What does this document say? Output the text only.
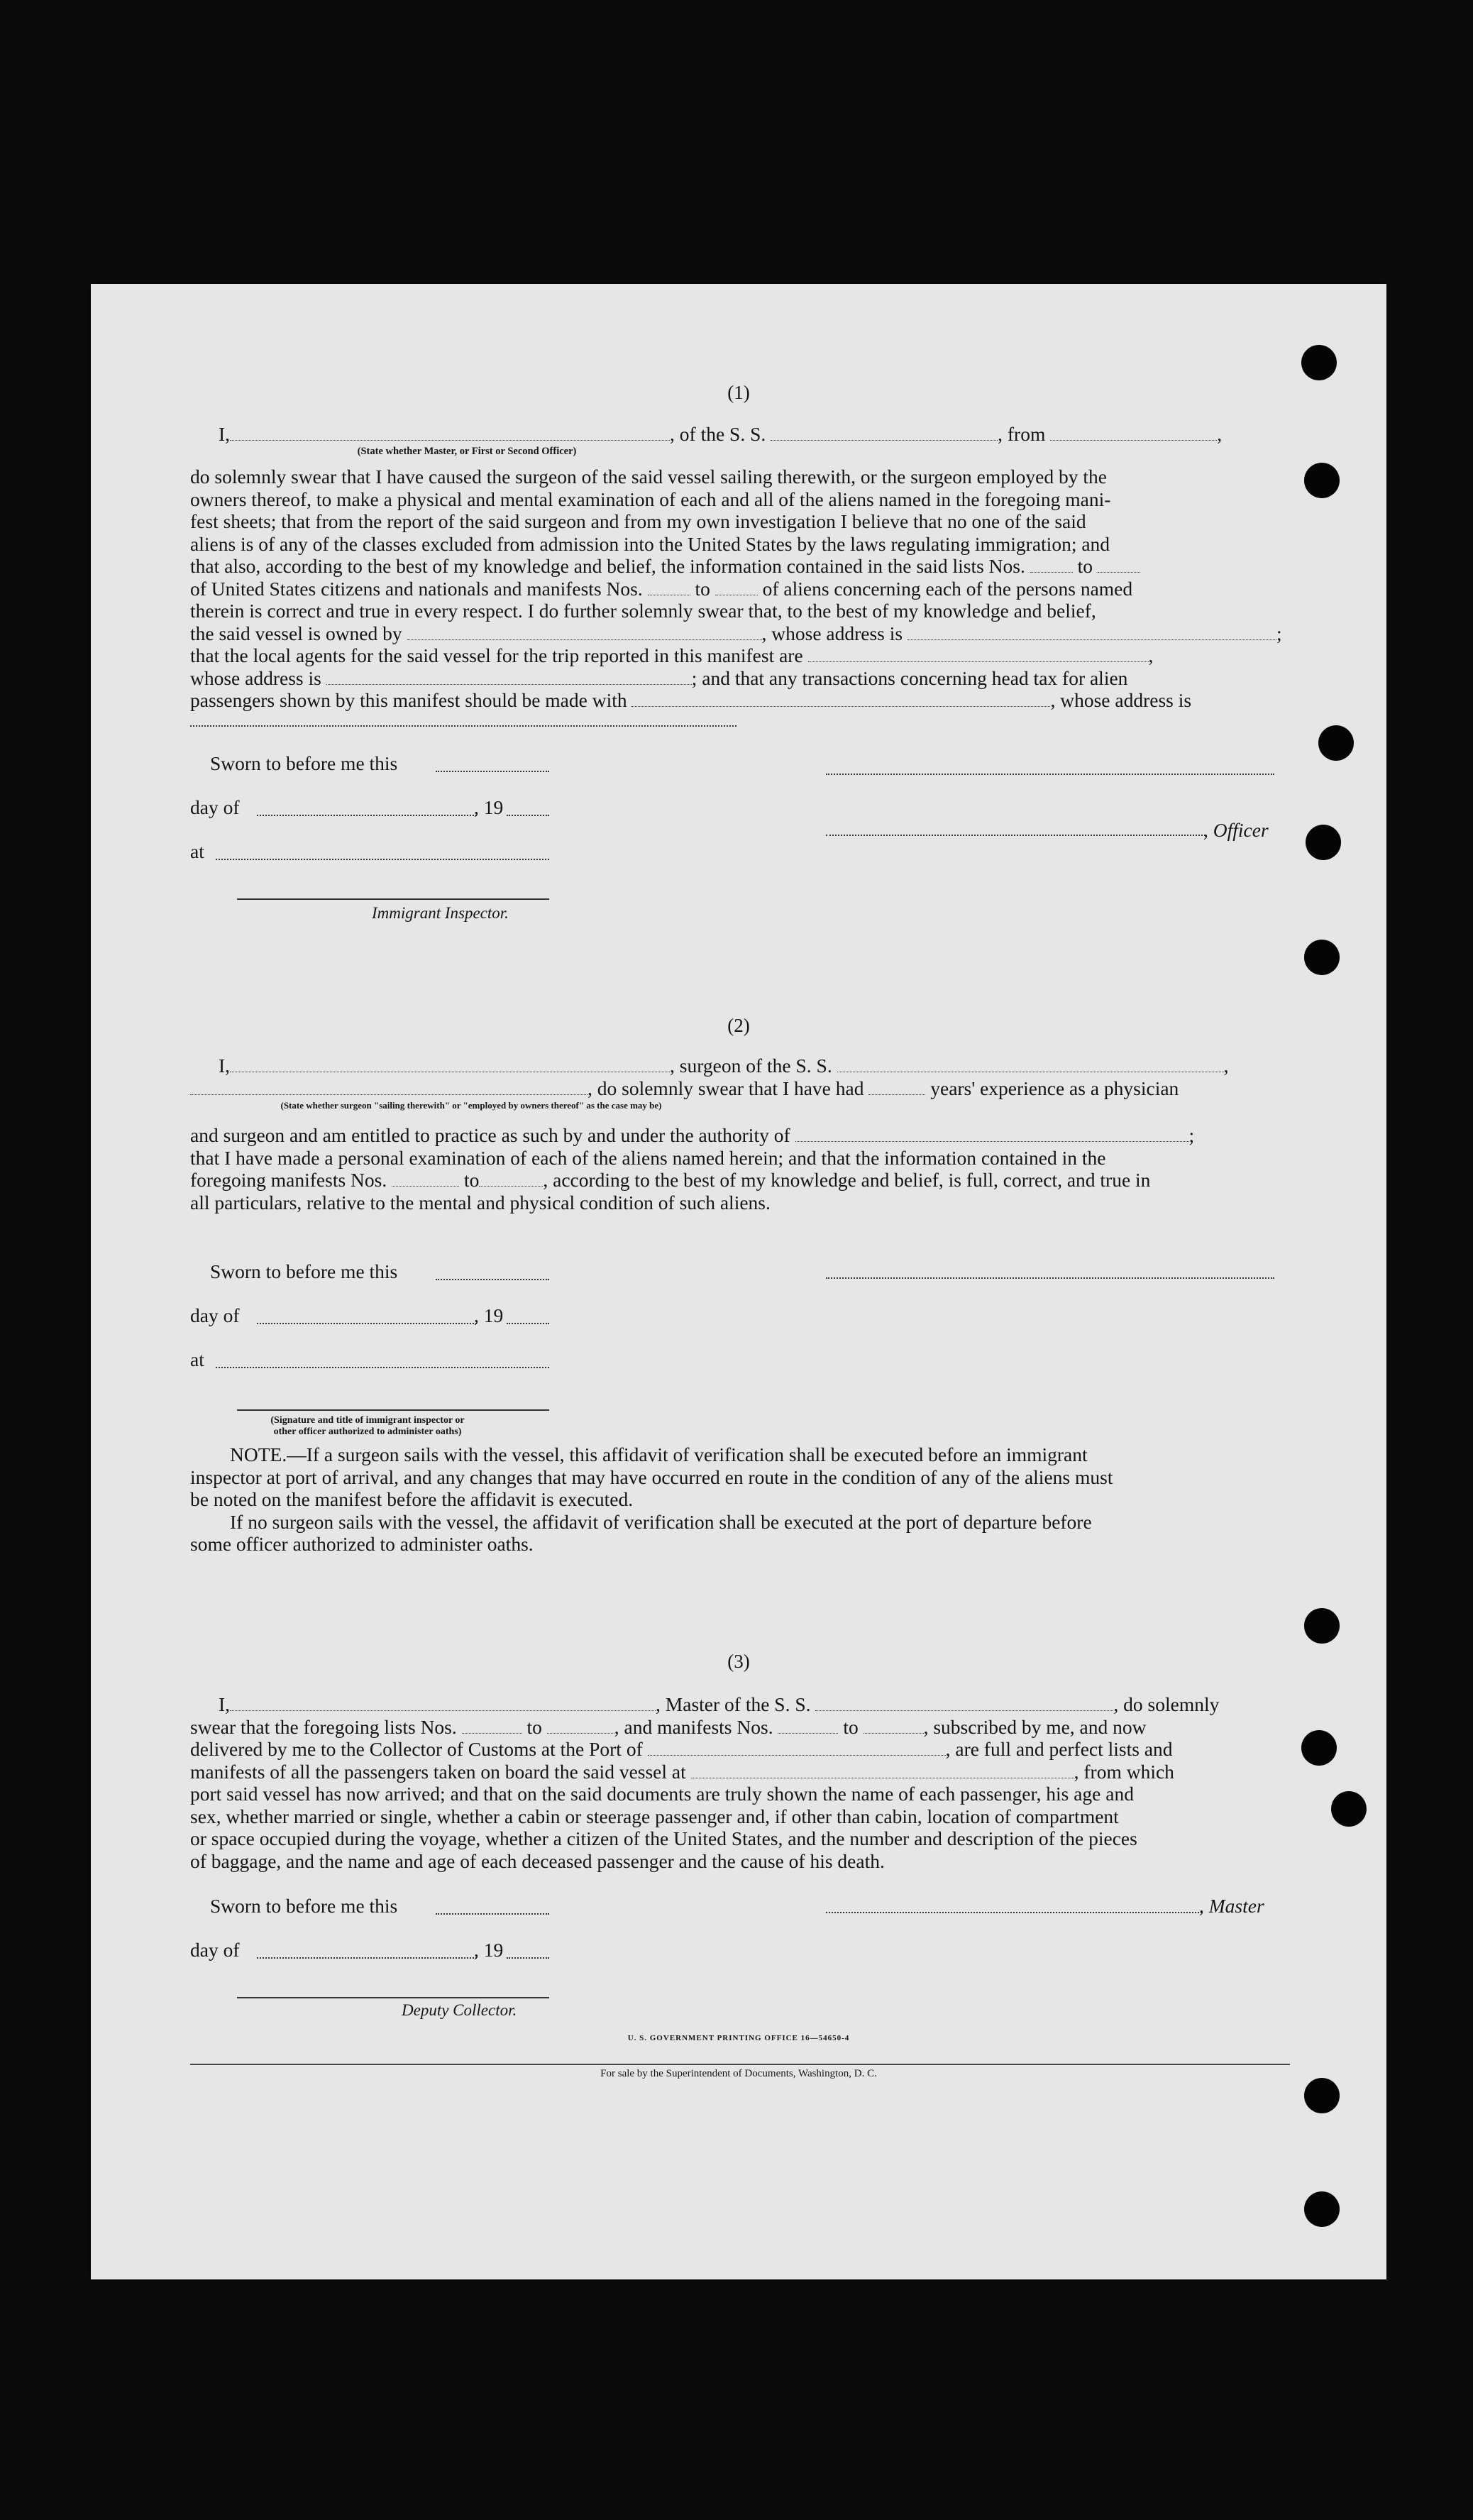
(1)
I,	, of the S. S.	, from	,
(State whether Master, or First or Second Officer)
do solemnly swear that I have caused the surgeon of the said vessel sailing therewith, or the surgeon employed by the
owners thereof, to make a physical and mental examination of each and all of the aliens named in the foregoing mani-
fest sheets; that from the report of the said surgeon and from my own investigation I believe that no one of the said
aliens is of any of the classes excluded from admission into the United States by the laws regulating immigration; and
that also, according to the best of my knowledge and belief, the information contained in the said lists Nos.	to
of United States citizens and nationals and manifests Nos.	to	of aliens concerning each of the persons named
therein is correct and true in every respect. I do further solemnly swear that, to the best of my knowledge and belief,
the said vessel is owned by	, whose address is	;
that the local agents for the said vessel for the trip reported in this manifest are	,
whose address is	; and that any transactions concerning head tax for alien
passengers shown by this manifest should be made with	, whose address is
Sworn to before me this
day of	, 19
at
Immigrant Inspector.
, Officer
(2)
I,	, surgeon of the S. S.	,
, do solemnly swear that I have had	years' experience as a physician
(State whether surgeon "sailing therewith" or "employed by owners thereof" as the case may be)
and surgeon and am entitled to practice as such by and under the authority of	;
that I have made a personal examination of each of the aliens named herein; and that the information contained in the
foregoing manifests Nos.	to	, according to the best of my knowledge and belief, is full, correct, and true in
all particulars, relative to the mental and physical condition of such aliens.
Sworn to before me this
day of	, 19
at
(Signature and title of immigrant inspector or
other officer authorized to administer oaths)
NOTE.—If a surgeon sails with the vessel, this affidavit of verification shall be executed before an immigrant
inspector at port of arrival, and any changes that may have occurred en route in the condition of any of the aliens must
be noted on the manifest before the affidavit is executed.
If no surgeon sails with the vessel, the affidavit of verification shall be executed at the port of departure before
some officer authorized to administer oaths.
(3)
I,	, Master of the S. S.	, do solemnly
swear that the foregoing lists Nos.	to	, and manifests Nos.	to	, subscribed by me, and now
delivered by me to the Collector of Customs at the Port of	, are full and perfect lists and
manifests of all the passengers taken on board the said vessel at	, from which
port said vessel has now arrived; and that on the said documents are truly shown the name of each passenger, his age and
sex, whether married or single, whether a cabin or steerage passenger and, if other than cabin, location of compartment
or space occupied during the voyage, whether a citizen of the United States, and the number and description of the pieces
of baggage, and the name and age of each deceased passenger and the cause of his death.
Sworn to before me this
day of	, 19
Deputy Collector.
, Master
U. S. GOVERNMENT PRINTING OFFICE 16—54650-4
For sale by the Superintendent of Documents, Washington, D. C.
